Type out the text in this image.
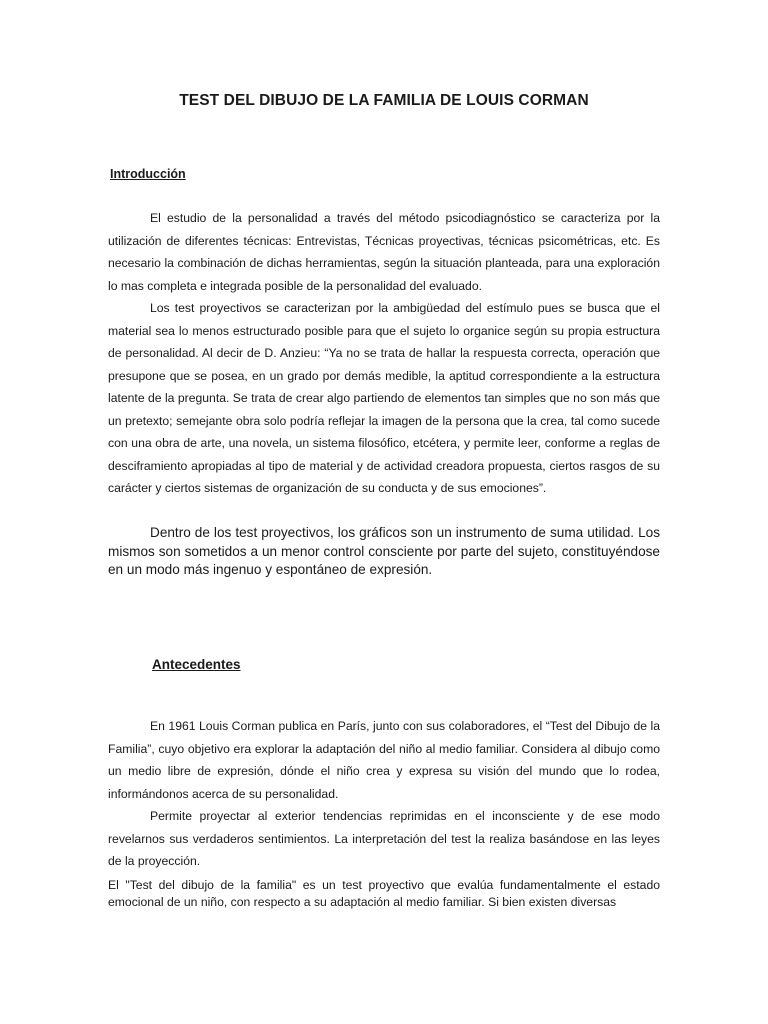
TEST DEL DIBUJO DE LA FAMILIA DE LOUIS CORMAN
Introducción

El estudio de la personalidad a través del método psicodiagnóstico se caracteriza por la utilización de diferentes técnicas: Entrevistas, Técnicas proyectivas, técnicas psicométricas, etc. Es necesario la combinación de dichas herramientas, según la situación planteada, para una exploración lo mas completa e integrada posible de la personalidad del evaluado.

Los test proyectivos se caracterizan por la ambigüedad del estímulo pues se busca que el material sea lo menos estructurado posible para que el sujeto lo organice según su propia estructura de personalidad. Al decir de D. Anzieu: “Ya no se trata de hallar la respuesta correcta, operación que presupone que se posea, en un grado por demás medible, la aptitud correspondiente a la estructura latente de la pregunta. Se trata de crear algo partiendo de elementos tan simples que no son más que un pretexto; semejante obra solo podría reflejar la imagen de la persona que la crea, tal como sucede con una obra de arte, una novela, un sistema filosófico, etcétera, y permite leer, conforme a reglas de desciframiento apropiadas al tipo de material y de actividad creadora propuesta, ciertos rasgos de su carácter y ciertos sistemas de organización de su conducta y de sus emociones”.

Dentro de los test proyectivos, los gráficos son un instrumento de suma utilidad. Los mismos son sometidos a un menor control consciente por parte del sujeto, constituyéndose en un modo más ingenuo y espontáneo de expresión.

Antecedentes

En 1961 Louis Corman publica en París, junto con sus colaboradores, el “Test del Dibujo de la Familia”, cuyo objetivo era explorar la adaptación del niño al medio familiar. Considera al dibujo como un medio libre de expresión, dónde el niño crea y expresa su visión del mundo que lo rodea, informándonos acerca de su personalidad.

Permite proyectar al exterior tendencias reprimidas en el inconsciente y de ese modo revelarnos sus verdaderos sentimientos. La interpretación del test la realiza basándose en las leyes de la proyección.

El "Test del dibujo de la familia" es un test proyectivo que evalúa fundamentalmente el estado emocional de un niño, con respecto a su adaptación al medio familiar. Si bien existen diversas
